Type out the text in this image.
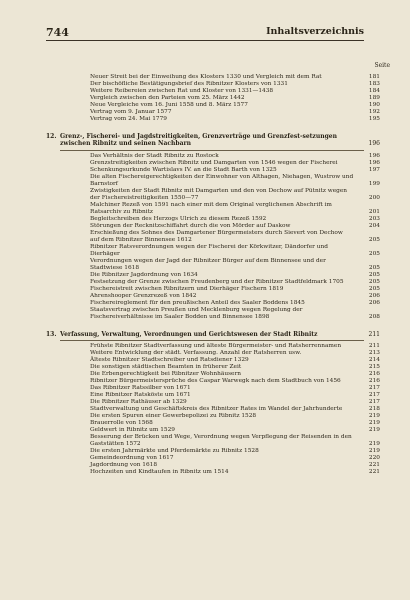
744	Inhaltsverzeichnis
Seite
Neuer Streit bei der Einweihung des Klosters 1330 und Vergleich mit dem Rat	181
Der bischöfliche Bestätigungsbrief des Ribnitzer Klosters von 1331	183
Weitere Reibereien zwischen Rat und Kloster von 1331—1438	184
Vergleich zwischen den Parteien vom 25. März 1442	189
Neue Vergleiche vom 16. Juni 1558 und 8. März 1577	190
Vertrag vom 9. Januar 1577	192
Vertrag vom 24. Mai 1779	195
12. Grenz-, Fischerei- und Jagdstreitigkeiten, Grenzverträge und Grenzfest-setzungen zwischen Ribnitz und seinen Nachbarn	196
Das Verhältnis der Stadt Ribnitz zu Rostock	196
Grenzstreitigkeiten zwischen Ribnitz und Damgarten von 1546 wegen der Fischerei	196
Schenkungsurkunde Wartislavs IV. an die Stadt Barth von 1325	197
Die alten Fischereigerechtigkeiten der Einwohner von Althagen, Niehagen, Wustrow und Barnstorf	199
Zwistigkeiten der Stadt Ribnitz mit Damgarten und den von Dechow auf Pütnitz wegen der Fischereistreitigkeiten 1550—77	200
Malchiner Rezeß von 1591 nach einer mit dem Original verglichenen Abschrift im Ratsarchiv zu Ribnitz	201
Begleitschreiben des Herzogs Ulrich zu diesem Rezeß 1592	203
Störungen der Recknitzschiffahrt durch die von Mörder auf Daskow	204
Erschießung des Sohnes des Damgartener Bürgermeisters durch Sievert von Dechow auf dem Ribnitzer Binnensee 1612	205
Ribnitzer Ratsverordnungen wegen der Fischerei der Körkwitzer, Dändorfer und Dierhäger	205
Verordnungen wegen der Jagd der Ribnitzer Bürger auf dem Binnensee und der Stadtwiese 1618	205
Die Ribnitzer Jagdordnung von 1634	205
Festsetzung der Grenze zwischen Freudenberg und der Ribnitzer Stadtfeldmark 1705	205
Fischereistreit zwischen Ribnitzern und Dierhäger Fischern 1819	205
Ahrenshooper Grenzrezeß von 1842	206
Fischereireglement für den preußischen Anteil des Saaler Boddens 1845	206
Staatsvertrag zwischen Preußen und Mecklenburg wegen Regelung der Fischereiverhältnisse im Saaler Bodden und Binnensee 1898	208
13. Verfassung, Verwaltung, Verordnungen und Gerichtswesen der Stadt Ribnitz	211
Frühste Ribnitzer Stadtverfassung und älteste Bürgermeister- und Ratsherrennamen	211
Weitere Entwicklung der städt. Verfassung. Anzahl der Ratsherren usw.	213
Älteste Ribnitzer Stadtschreiber und Ratsdiener 1329	214
Die sonstigen städtischen Beamten in früherer Zeit	215
Die Erbengerechtigkeit bei Ribnitzer Wohnhäusern	216
Ribnitzer Bürgermeistersprüche des Caspar Warwegk nach dem Stadtbuch von 1456	216
Das Ribnitzer Ratssilber von 1671	217
Eine Ribnitzer Ratsköste um 1671	217
Die Ribnitzer Rathäuser ab 1329	217
Stadtverwaltung und Geschäftskreis des Ribnitzer Rates im Wandel der Jahrhunderte	218
Die ersten Spuren einer Gewerbepolizei zu Ribnitz 1528	219
Brauerrolle von 1568	219
Geldwert in Ribnitz um 1529	219
Besserung der Brücken und Wege, Verordnung wegen Verpflegung der Reisenden in den Gaststätten 1572	219
Die ersten Jahrmärkte und Pferdemärkte zu Ribnitz 1528	219
Gemeindeordnung von 1617	220
Jagdordnung von 1618	221
Hochzeiten und Kindtaufen in Ribnitz um 1514	221
